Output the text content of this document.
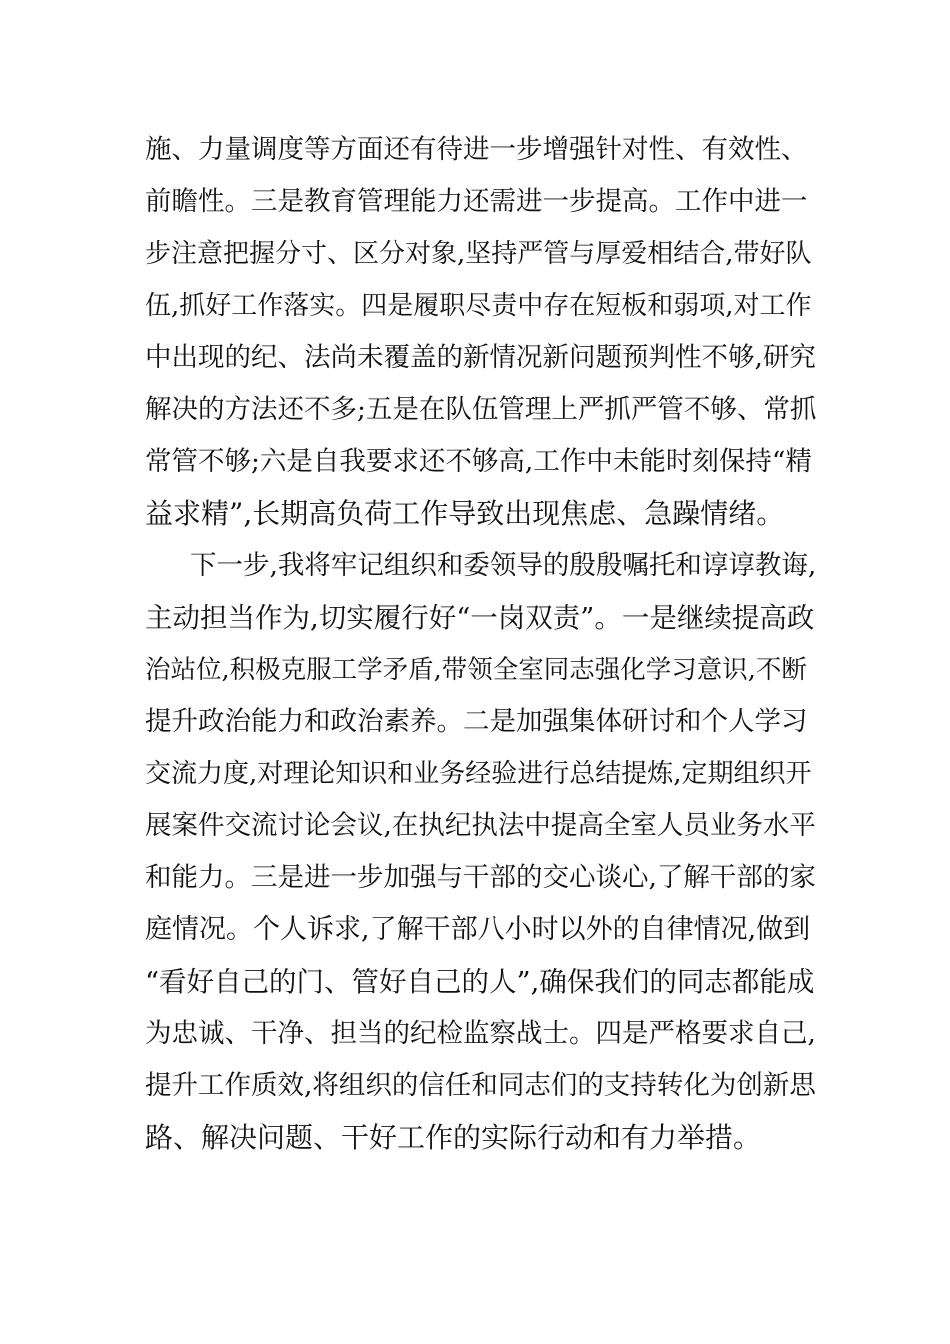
施、力量调度等方面还有待进一步增强针对性、有效性、
前瞻性。三是教育管理能力还需进一步提高。工作中进一
步注意把握分寸、区分对象,坚持严管与厚爱相结合,带好队
伍,抓好工作落实。四是履职尽责中存在短板和弱项,对工作
中出现的纪、法尚未覆盖的新情况新问题预判性不够,研究
解决的方法还不多;五是在队伍管理上严抓严管不够、常抓
常管不够;六是自我要求还不够高,工作中未能时刻保持“精
益求精”,长期高负荷工作导致出现焦虑、急躁情绪。
下一步,我将牢记组织和委领导的殷殷嘱托和谆谆教诲,
主动担当作为,切实履行好“一岗双责”。一是继续提高政
治站位,积极克服工学矛盾,带领全室同志强化学习意识,不断
提升政治能力和政治素养。二是加强集体研讨和个人学习
交流力度,对理论知识和业务经验进行总结提炼,定期组织开
展案件交流讨论会议,在执纪执法中提高全室人员业务水平
和能力。三是进一步加强与干部的交心谈心,了解干部的家
庭情况。个人诉求,了解干部八小时以外的自律情况,做到
“看好自己的门、管好自己的人”,确保我们的同志都能成
为忠诚、干净、担当的纪检监察战士。四是严格要求自己,
提升工作质效,将组织的信任和同志们的支持转化为创新思
路、解决问题、干好工作的实际行动和有力举措。
